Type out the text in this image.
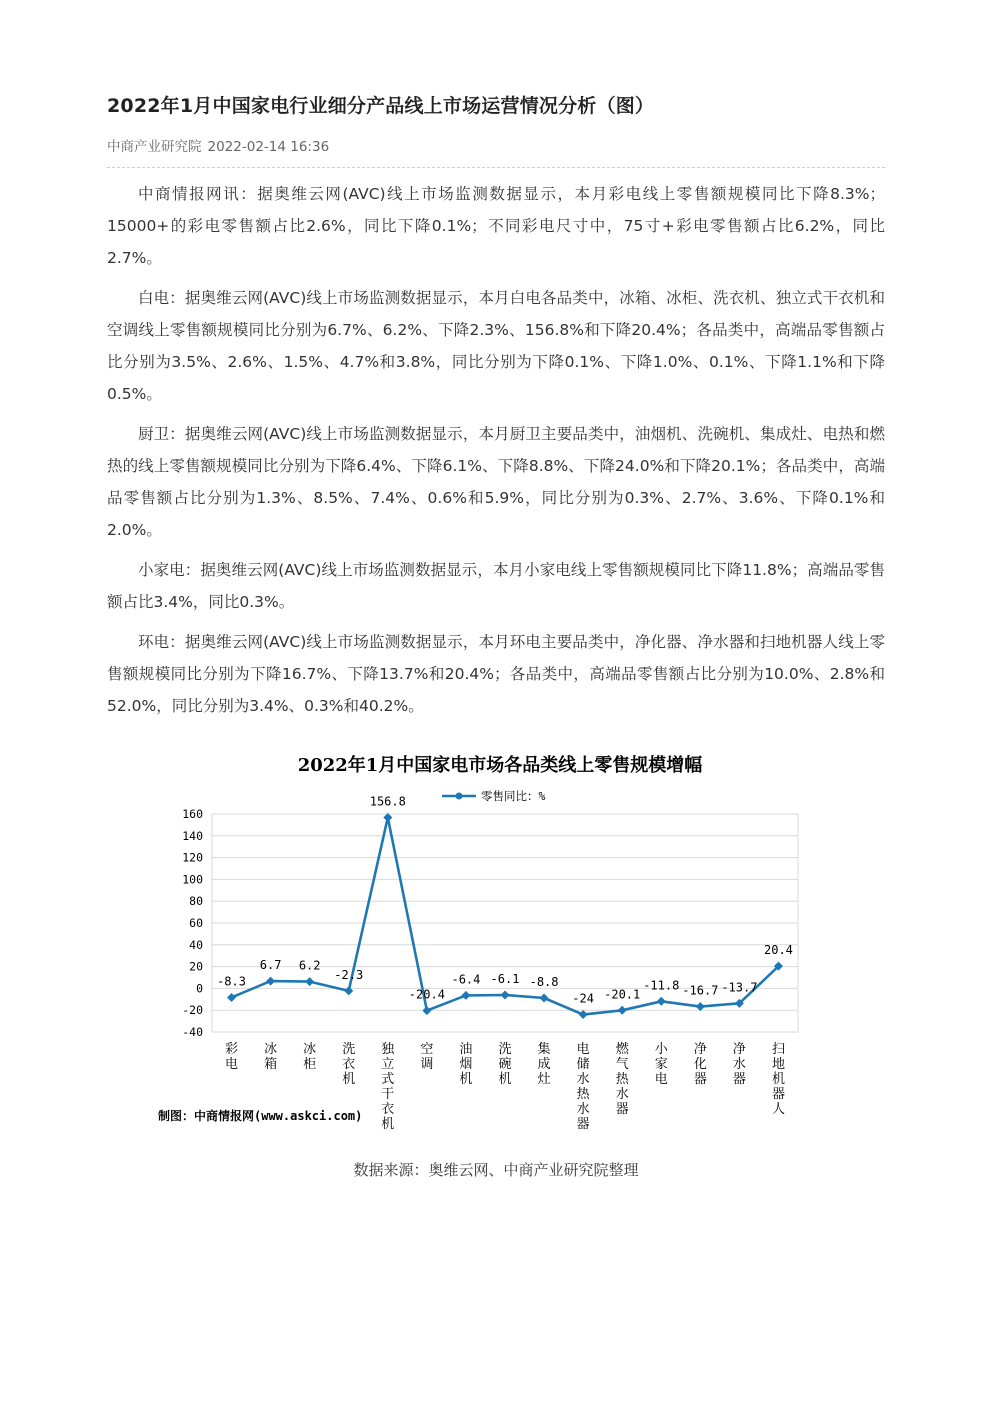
2022年1月中国家电行业细分产品线上市场运营情况分析（图）
中商产业研究院 2022-02-14 16:36

中商情报网讯：据奥维云网(AVC)线上市场监测数据显示，本月彩电线上零售额规模同比下降8.3%；15000+的彩电零售额占比2.6%，同比下降0.1%；不同彩电尺寸中，75寸+彩电零售额占比6.2%，同比2.7%。

白电：据奥维云网(AVC)线上市场监测数据显示，本月白电各品类中，冰箱、冰柜、洗衣机、独立式干衣机和空调线上零售额规模同比分别为6.7%、6.2%、下降2.3%、156.8%和下降20.4%；各品类中，高端品零售额占比分别为3.5%、2.6%、1.5%、4.7%和3.8%，同比分别为下降0.1%、下降1.0%、0.1%、下降1.1%和下降0.5%。

厨卫：据奥维云网(AVC)线上市场监测数据显示，本月厨卫主要品类中，油烟机、洗碗机、集成灶、电热和燃热的线上零售额规模同比分别为下降6.4%、下降6.1%、下降8.8%、下降24.0%和下降20.1%；各品类中，高端品零售额占比分别为1.3%、8.5%、7.4%、0.6%和5.9%，同比分别为0.3%、2.7%、3.6%、下降0.1%和2.0%。

小家电：据奥维云网(AVC)线上市场监测数据显示，本月小家电线上零售额规模同比下降11.8%；高端品零售额占比3.4%，同比0.3%。

环电：据奥维云网(AVC)线上市场监测数据显示，本月环电主要品类中，净化器、净水器和扫地机器人线上零售额规模同比分别为下降16.7%、下降13.7%和20.4%；各品类中，高端品零售额占比分别为10.0%、2.8%和52.0%，同比分别为3.4%、0.3%和40.2%。

2022年1月中国家电市场各品类线上零售规模增幅
零售同比：%
160
140
120
100
80
60
40
20
0
-20
-40
彩电
冰箱
冰柜
洗衣机
独立式干衣机
空调
油烟机
洗碗机
集成灶
电储水热水器
燃气热水器
小家电
净化器
净水器
扫地机器人
-8.3
6.7 6.2
-2.3
156.8
-20.4
-6.4 -6.1 -8.8
-24 -20.1
-11.8 -16.7 -13.7
20.4
制图：中商情报网(www.askci.com)
数据来源：奥维云网、中商产业研究院整理
